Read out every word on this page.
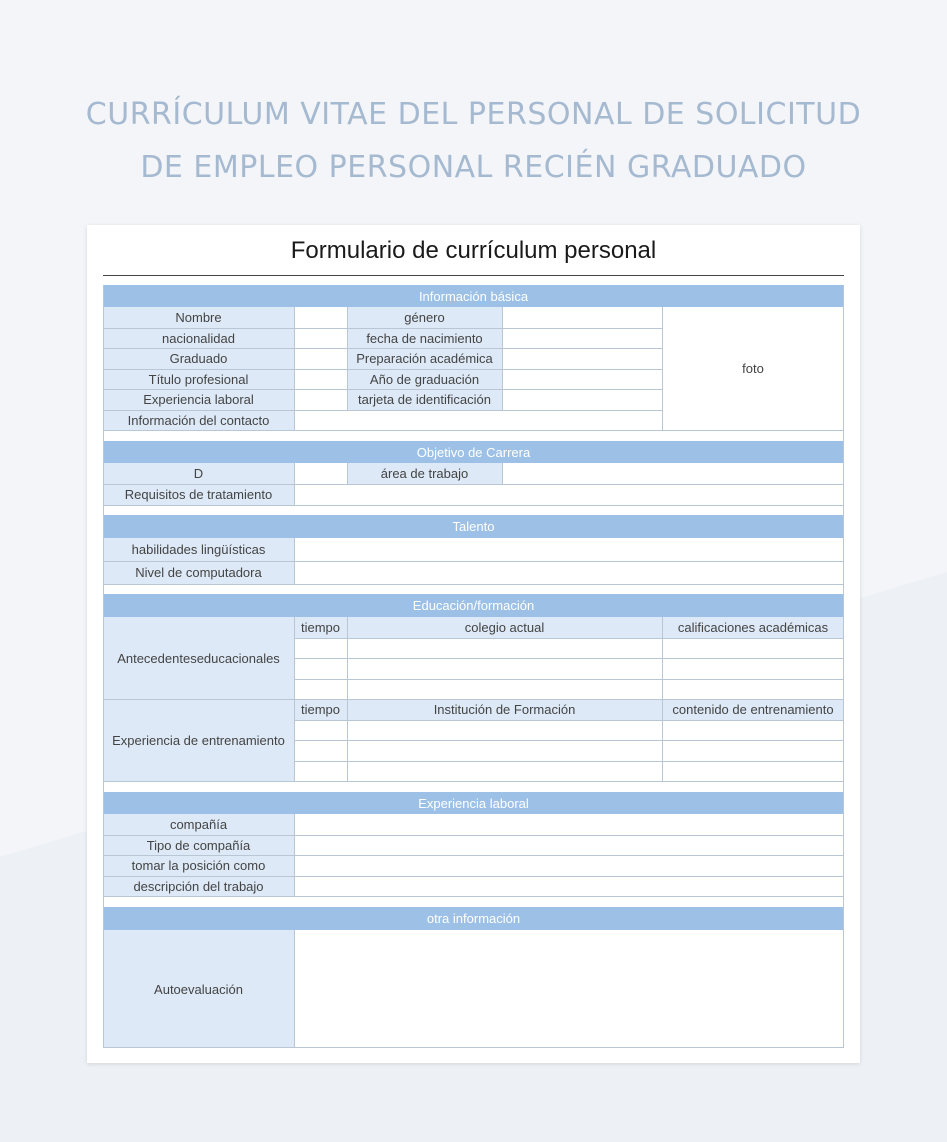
CURRÍCULUM VITAE DEL PERSONAL DE SOLICITUD
DE EMPLEO PERSONAL RECIÉN GRADUADO
Formulario de currículum personal
Información básica
Nombre	género
nacionalidad	fecha de nacimiento
Graduado	Preparación académica
Título profesional	Año de graduación
Experiencia laboral	tarjeta de identificación
Información del contacto
foto
Objetivo de Carrera
D	área de trabajo
Requisitos de tratamiento
Talento
habilidades lingüísticas
Nivel de computadora
Educación/formación
Antecedenteseducacionales
tiempo	colegio actual	calificaciones académicas
Experiencia de entrenamiento
tiempo	Institución de Formación	contenido de entrenamiento
Experiencia laboral
compañía
Tipo de compañía
tomar la posición como
descripción del trabajo
otra información
Autoevaluación
